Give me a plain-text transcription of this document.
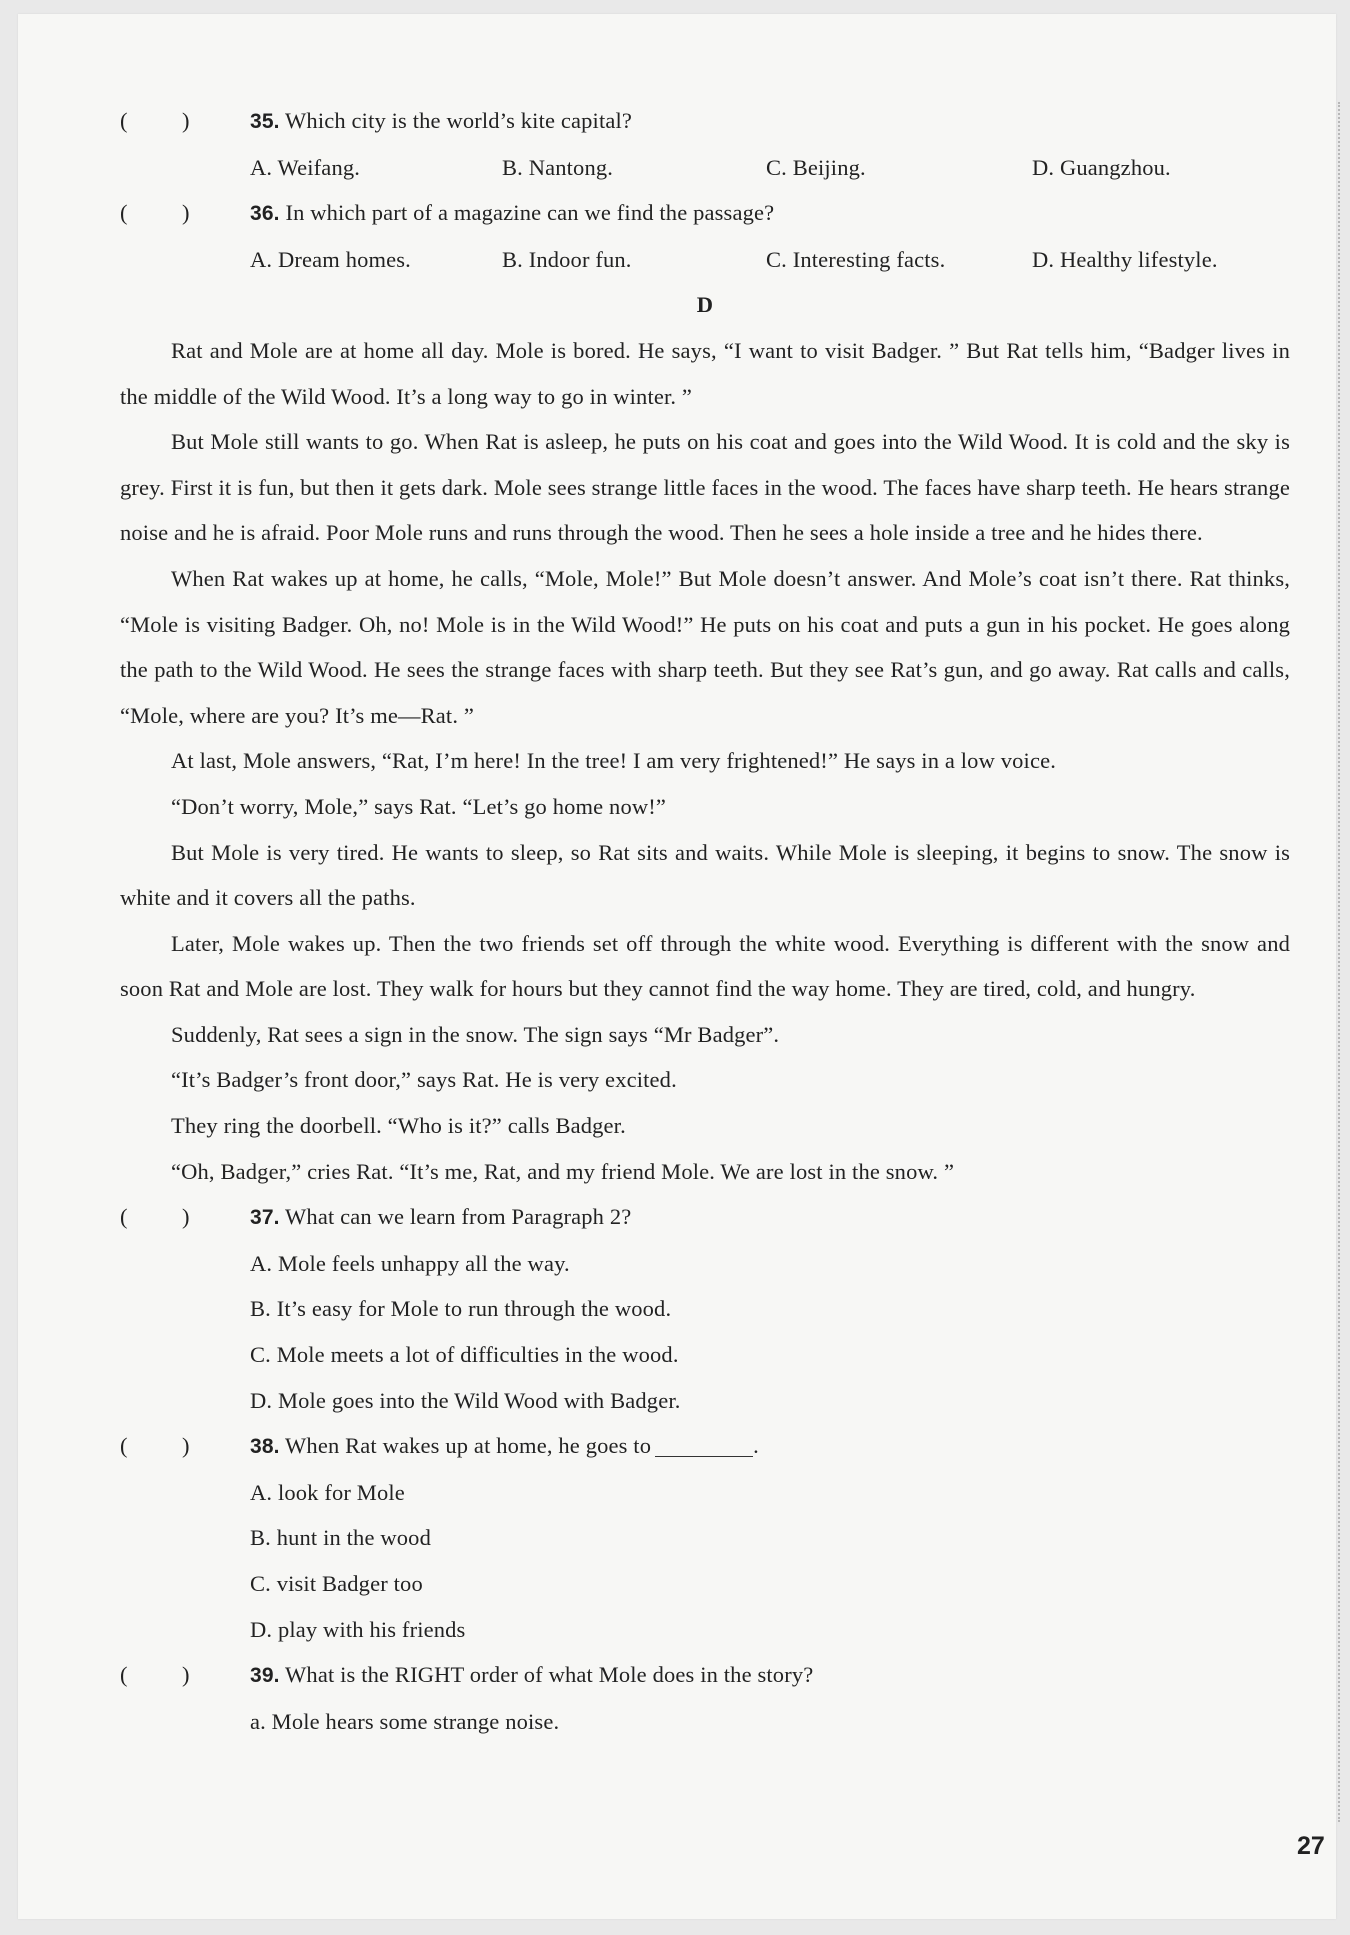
( )	35. Which city is the world’s kite capital?
A. Weifang.	B. Nantong.	C. Beijing.	D. Guangzhou.
( )	36. In which part of a magazine can we find the passage?
A. Dream homes.	B. Indoor fun.	C. Interesting facts.	D. Healthy lifestyle.
D
Rat and Mole are at home all day. Mole is bored. He says, “I want to visit Badger. ” But Rat tells him, “Badger lives in the middle of the Wild Wood. It’s a long way to go in winter. ”
But Mole still wants to go. When Rat is asleep, he puts on his coat and goes into the Wild Wood. It is cold and the sky is grey. First it is fun, but then it gets dark. Mole sees strange little faces in the wood. The faces have sharp teeth. He hears strange noise and he is afraid. Poor Mole runs and runs through the wood. Then he sees a hole inside a tree and he hides there.
When Rat wakes up at home, he calls, “Mole, Mole!” But Mole doesn’t answer. And Mole’s coat isn’t there. Rat thinks, “Mole is visiting Badger. Oh, no! Mole is in the Wild Wood!” He puts on his coat and puts a gun in his pocket. He goes along the path to the Wild Wood. He sees the strange faces with sharp teeth. But they see Rat’s gun, and go away. Rat calls and calls, “Mole, where are you? It’s me—Rat. ”
At last, Mole answers, “Rat, I’m here! In the tree! I am very frightened!” He says in a low voice.
“Don’t worry, Mole,” says Rat. “Let’s go home now!”
But Mole is very tired. He wants to sleep, so Rat sits and waits. While Mole is sleeping, it begins to snow. The snow is white and it covers all the paths.
Later, Mole wakes up. Then the two friends set off through the white wood. Everything is different with the snow and soon Rat and Mole are lost. They walk for hours but they cannot find the way home. They are tired, cold, and hungry.
Suddenly, Rat sees a sign in the snow. The sign says “Mr Badger”.
“It’s Badger’s front door,” says Rat. He is very excited.
They ring the doorbell. “Who is it?” calls Badger.
“Oh, Badger,” cries Rat. “It’s me, Rat, and my friend Mole. We are lost in the snow. ”
( )	37. What can we learn from Paragraph 2?
A. Mole feels unhappy all the way.
B. It’s easy for Mole to run through the wood.
C. Mole meets a lot of difficulties in the wood.
D. Mole goes into the Wild Wood with Badger.
( )	38. When Rat wakes up at home, he goes to	.
A. look for Mole
B. hunt in the wood
C. visit Badger too
D. play with his friends
( )	39. What is the RIGHT order of what Mole does in the story?
a. Mole hears some strange noise.
27
